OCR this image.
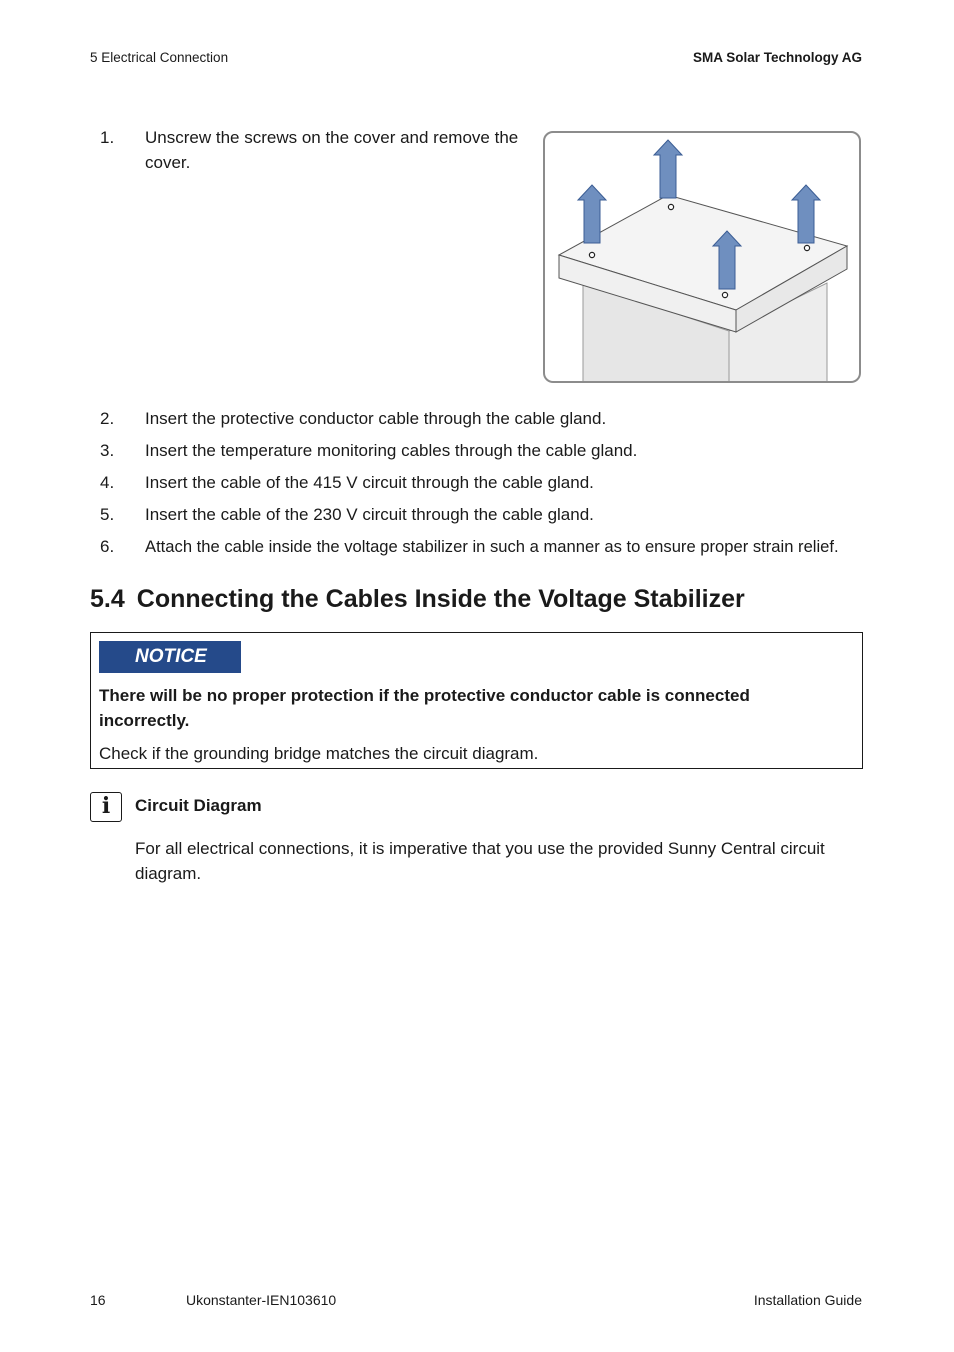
5 Electrical Connection	SMA Solar Technology AG
1.	Unscrew the screws on the cover and remove the
cover.
2.	Insert the protective conductor cable through the cable gland.
3.	Insert the temperature monitoring cables through the cable gland.
4.	Insert the cable of the 415 V circuit through the cable gland.
5.	Insert the cable of the 230 V circuit through the cable gland.
6.	Attach the cable inside the voltage stabilizer in such a manner as to ensure proper strain relief.
5.4 Connecting the Cables Inside the Voltage Stabilizer
NOTICE
There will be no proper protection if the protective conductor cable is connected incorrectly.
Check if the grounding bridge matches the circuit diagram.
i	Circuit Diagram
For all electrical connections, it is imperative that you use the provided Sunny Central circuit diagram.
16	Ukonstanter-IEN103610	Installation Guide
